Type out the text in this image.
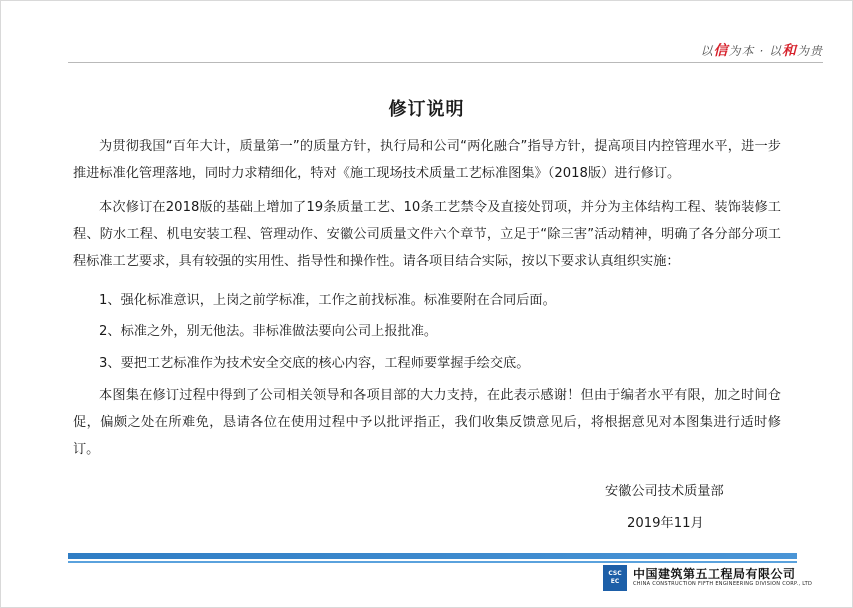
以信为本 · 以和为贵
修订说明

为贯彻我国“百年大计，质量第一”的质量方针，执行局和公司“两化融合”指导方针，提高项目内控管理水平，进一步推进标准化管理落地，同时力求精细化，特对《施工现场技术质量工艺标准图集》（2018版）进行修订。

本次修订在2018版的基础上增加了19条质量工艺、10条工艺禁令及直接处罚项，并分为主体结构工程、装饰装修工程、防水工程、机电安装工程、管理动作、安徽公司质量文件六个章节，立足于“除三害”活动精神，明确了各分部分项工程标准工艺要求，具有较强的实用性、指导性和操作性。请各项目结合实际，按以下要求认真组织实施：

1、强化标准意识，上岗之前学标准，工作之前找标准。标准要附在合同后面。

2、标准之外，别无他法。非标准做法要向公司上报批准。

3、要把工艺标准作为技术安全交底的核心内容，工程师要掌握手绘交底。

本图集在修订过程中得到了公司相关领导和各项目部的大力支持，在此表示感谢！但由于编者水平有限，加之时间仓促，偏颇之处在所难免，恳请各位在使用过程中予以批评指正，我们收集反馈意见后，将根据意见对本图集进行适时修订。

安徽公司技术质量部
2019年11月
CSC
EC
中国建筑第五工程局有限公司
CHINA CONSTRUCTION FIFTH ENGINEERING DIVISION CORP., LTD
